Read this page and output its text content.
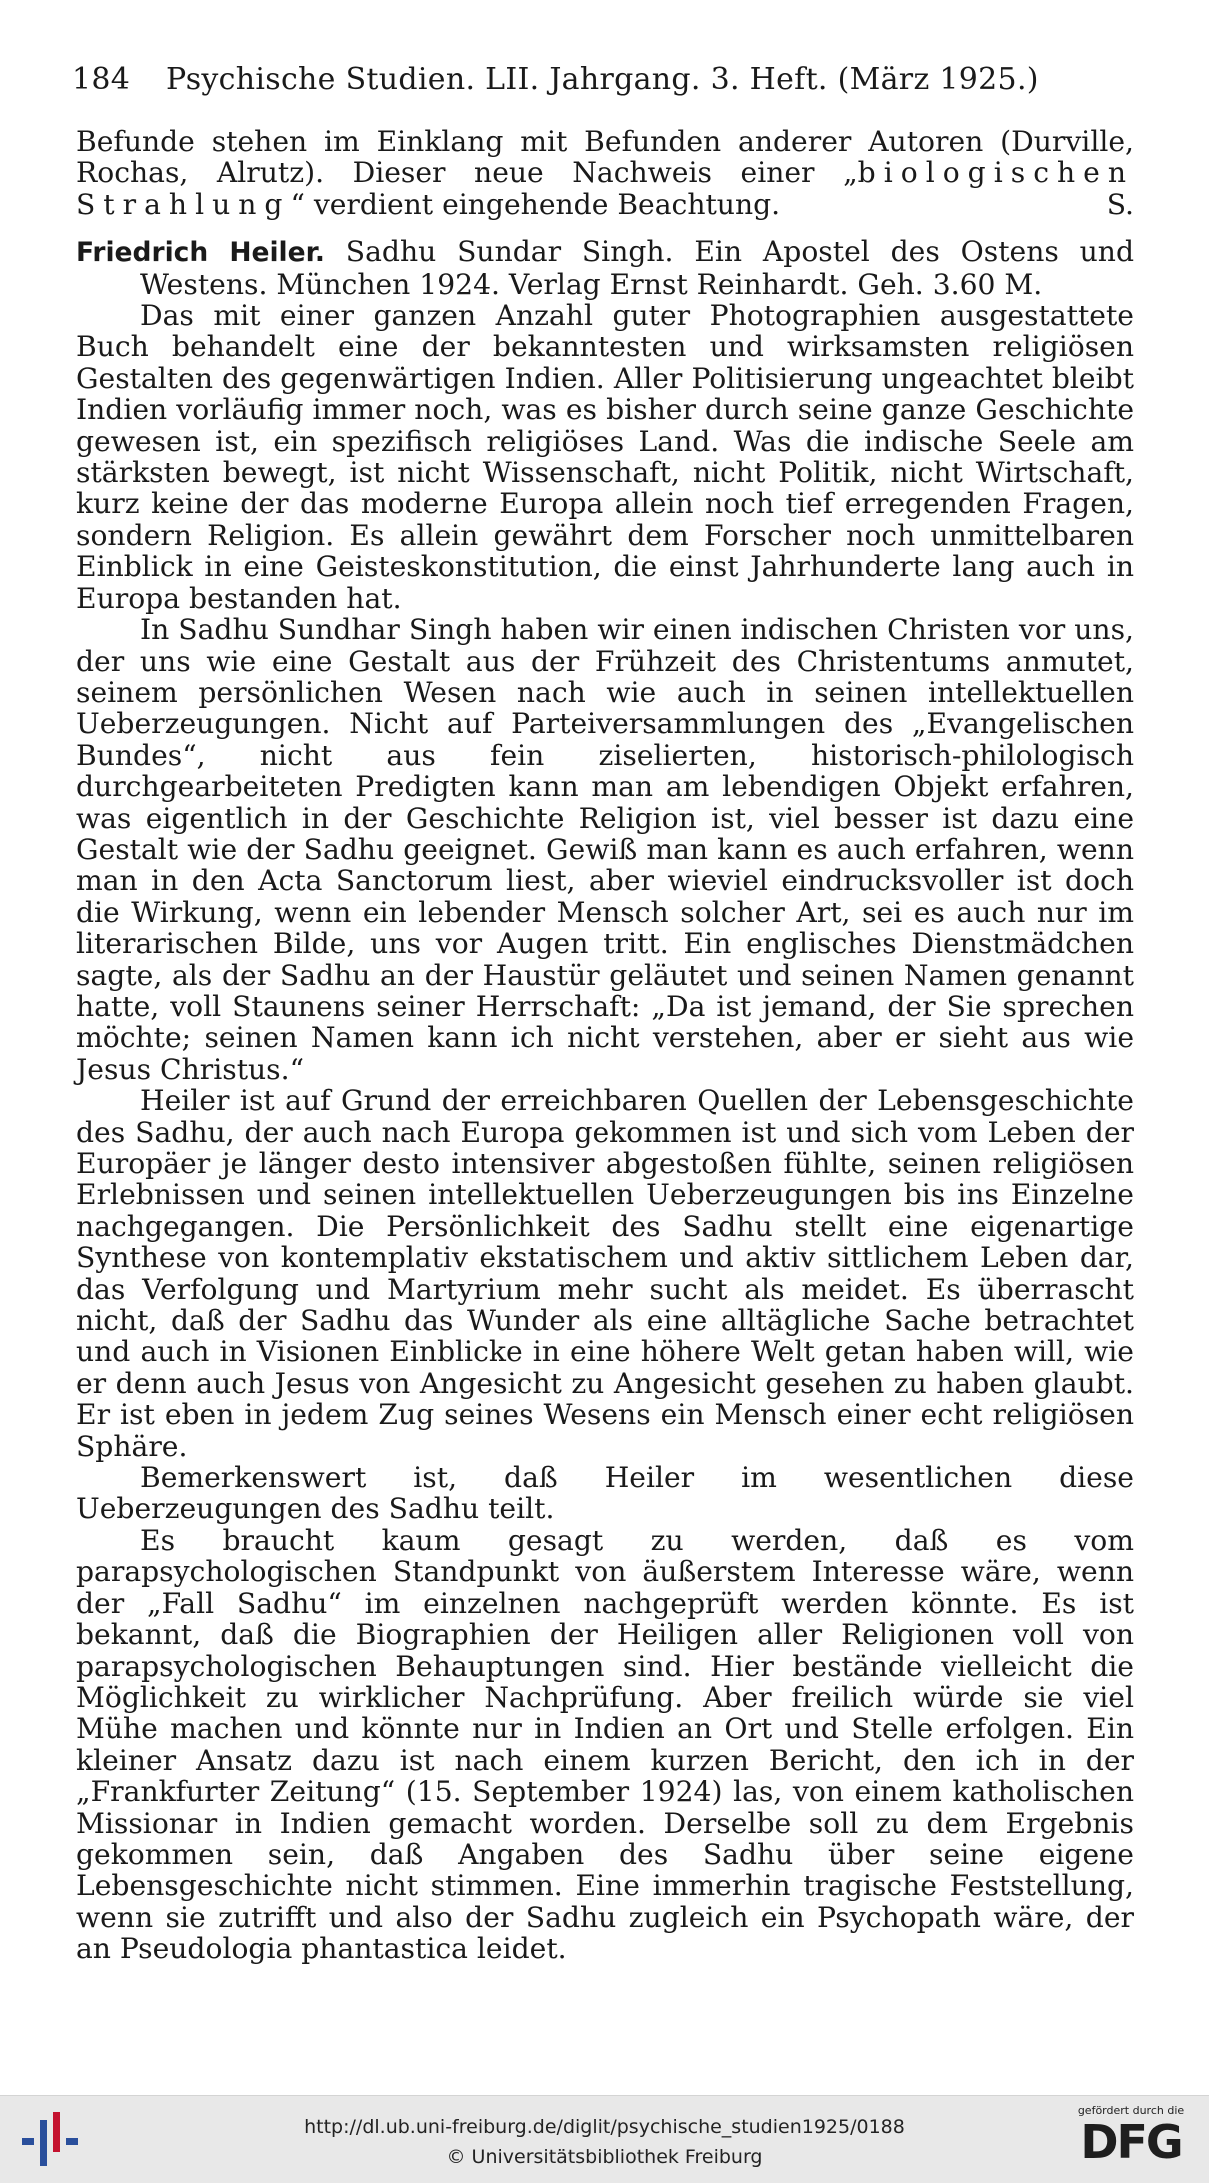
184 Psychische Studien. LII. Jahrgang. 3. Heft. (März 1925.)

Befunde stehen im Einklang mit Befunden anderer Autoren (Durville, Rochas, Alrutz). Dieser neue Nachweis einer „biologischen Strahlung“ verdient eingehende Beachtung.	S.

Friedrich Heiler. Sadhu Sundar Singh. Ein Apostel des Ostens und Westens. München 1924. Verlag Ernst Reinhardt. Geh. 3.60 M.

Das mit einer ganzen Anzahl guter Photographien ausgestattete Buch behandelt eine der bekanntesten und wirksamsten religiösen Gestalten des gegenwärtigen Indien. Aller Politisierung ungeachtet bleibt Indien vorläufig immer noch, was es bisher durch seine ganze Geschichte gewesen ist, ein spezifisch religiöses Land. Was die indische Seele am stärksten bewegt, ist nicht Wissenschaft, nicht Politik, nicht Wirtschaft, kurz keine der das moderne Europa allein noch tief erregenden Fragen, sondern Religion. Es allein gewährt dem Forscher noch unmittelbaren Einblick in eine Geisteskonstitution, die einst Jahrhunderte lang auch in Europa bestanden hat.

In Sadhu Sundhar Singh haben wir einen indischen Christen vor uns, der uns wie eine Gestalt aus der Frühzeit des Christentums anmutet, seinem persönlichen Wesen nach wie auch in seinen intellektuellen Ueberzeugungen. Nicht auf Parteiversammlungen des „Evangelischen Bundes“, nicht aus fein ziselierten, historisch-philologisch durchgearbeiteten Predigten kann man am lebendigen Objekt erfahren, was eigentlich in der Geschichte Religion ist, viel besser ist dazu eine Gestalt wie der Sadhu geeignet. Gewiß man kann es auch erfahren, wenn man in den Acta Sanctorum liest, aber wieviel eindrucksvoller ist doch die Wirkung, wenn ein lebender Mensch solcher Art, sei es auch nur im literarischen Bilde, uns vor Augen tritt. Ein englisches Dienstmädchen sagte, als der Sadhu an der Haustür geläutet und seinen Namen genannt hatte, voll Staunens seiner Herrschaft: „Da ist jemand, der Sie sprechen möchte; seinen Namen kann ich nicht verstehen, aber er sieht aus wie Jesus Christus.“

Heiler ist auf Grund der erreichbaren Quellen der Lebensgeschichte des Sadhu, der auch nach Europa gekommen ist und sich vom Leben der Europäer je länger desto intensiver abgestoßen fühlte, seinen religiösen Erlebnissen und seinen intellektuellen Ueberzeugungen bis ins Einzelne nachgegangen. Die Persönlichkeit des Sadhu stellt eine eigenartige Synthese von kontemplativ ekstatischem und aktiv sittlichem Leben dar, das Verfolgung und Martyrium mehr sucht als meidet. Es überrascht nicht, daß der Sadhu das Wunder als eine alltägliche Sache betrachtet und auch in Visionen Einblicke in eine höhere Welt getan haben will, wie er denn auch Jesus von Angesicht zu Angesicht gesehen zu haben glaubt. Er ist eben in jedem Zug seines Wesens ein Mensch einer echt religiösen Sphäre.

Bemerkenswert ist, daß Heiler im wesentlichen diese Ueberzeugungen des Sadhu teilt.

Es braucht kaum gesagt zu werden, daß es vom parapsychologischen Standpunkt von äußerstem Interesse wäre, wenn der „Fall Sadhu“ im einzelnen nachgeprüft werden könnte. Es ist bekannt, daß die Biographien der Heiligen aller Religionen voll von parapsychologischen Behauptungen sind. Hier bestände vielleicht die Möglichkeit zu wirklicher Nachprüfung. Aber freilich würde sie viel Mühe machen und könnte nur in Indien an Ort und Stelle erfolgen. Ein kleiner Ansatz dazu ist nach einem kurzen Bericht, den ich in der „Frankfurter Zeitung“ (15. September 1924) las, von einem katholischen Missionar in Indien gemacht worden. Derselbe soll zu dem Ergebnis gekommen sein, daß Angaben des Sadhu über seine eigene Lebensgeschichte nicht stimmen. Eine immerhin tragische Feststellung, wenn sie zutrifft und also der Sadhu zugleich ein Psychopath wäre, der an Pseudologia phantastica leidet.

http://dl.ub.uni-freiburg.de/diglit/psychische_studien1925/0188
© Universitätsbibliothek Freiburg
gefördert durch die
DFG
